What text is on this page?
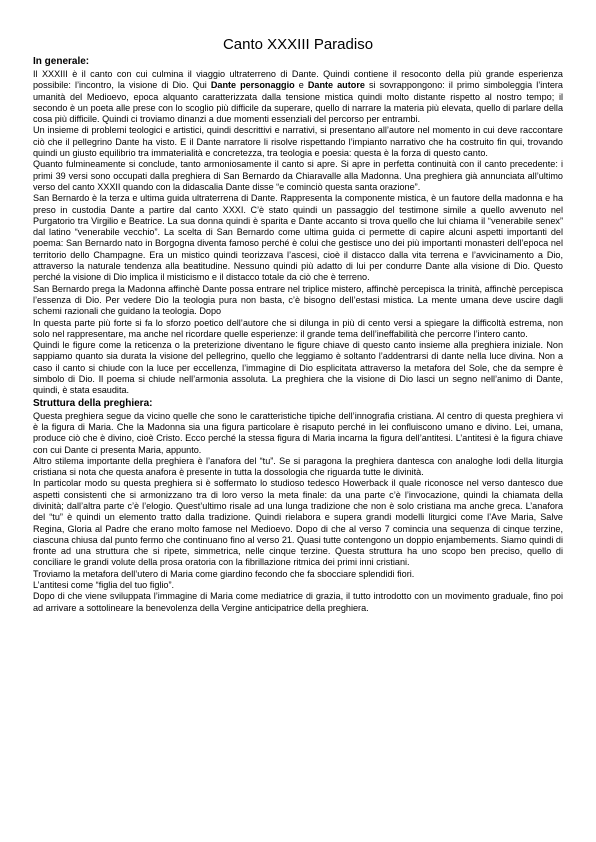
Canto XXXIII Paradiso

In generale:

Il XXXIII è il canto con cui culmina il viaggio ultraterreno di Dante. Quindi contiene il resoconto della più grande esperienza possibile: l’incontro, la visione di Dio. Qui Dante personaggio e Dante autore si sovrappongono: il primo simboleggia l’intera umanità del Medioevo, epoca alquanto caratterizzata dalla tensione mistica quindi molto distante rispetto al nostro tempo; il secondo è un poeta alle prese con lo scoglio più difficile da superare, quello di narrare la materia più elevata, quello di parlare della cosa più difficile. Quindi ci troviamo dinanzi a due momenti essenziali del percorso per entrambi.

Un insieme di problemi teologici e artistici, quindi descrittivi e narrativi, si presentano all’autore nel momento in cui deve raccontare ciò che il pellegrino Dante ha visto. E il Dante narratore li risolve rispettando l’impianto narrativo che ha costruito fin qui, trovando quindi un giusto equilibrio tra immaterialità e concretezza, tra teologia e poesia: questa è la forza di questo canto.

Quanto fulmineamente si conclude, tanto armoniosamente il canto si apre. Si apre in perfetta continuità con il canto precedente: i primi 39 versi sono occupati dalla preghiera di San Bernardo da Chiaravalle alla Madonna. Una preghiera già annunciata all’ultimo verso del canto XXXII quando con la didascalia Dante disse “e cominciò questa santa orazione”.

San Bernardo è la terza e ultima guida ultraterrena di Dante. Rappresenta la componente mistica, è un fautore della madonna e ha preso in custodia Dante a partire dal canto XXXI. C’è stato quindi un passaggio del testimone simile a quello avvenuto nel Purgatorio tra Virgilio e Beatrice. La sua donna quindi è sparita e Dante accanto si trova quello che lui chiama il “venerabile senex” dal latino “venerabile vecchio”. La scelta di San Bernardo come ultima guida ci permette di capire alcuni aspetti importanti del poema: San Bernardo nato in Borgogna diventa famoso perché è colui che gestisce uno dei più importanti monasteri dell’epoca nel territorio dello Champagne. Era un mistico quindi teorizzava l’ascesi, cioè il distacco dalla vita terrena e l’avvicinamento a Dio, attraverso la naturale tendenza alla beatitudine. Nessuno quindi più adatto di lui per condurre Dante alla visione di Dio. Questo perché la visione di Dio implica il misticismo e il distacco totale da ciò che è terreno.

San Bernardo prega la Madonna affinchè Dante possa entrare nel triplice mistero, affinchè percepisca la trinità, affinchè percepisca l’essenza di Dio. Per vedere Dio la teologia pura non basta, c’è bisogno dell’estasi mistica. La mente umana deve uscire dagli schemi razionali che guidano la teologia. Dopo

In questa parte più forte si fa lo sforzo poetico dell’autore che si dilunga in più di cento versi a spiegare la difficoltà estrema, non solo nel rappresentare, ma anche nel ricordare quelle esperienze: il grande tema dell’ineffabilità che percorre l’intero canto.

Quindi le figure come la reticenza o la preterizione diventano le figure chiave di questo canto insieme alla preghiera iniziale. Non sappiamo quanto sia durata la visione del pellegrino, quello che leggiamo è soltanto l’addentrarsi di dante nella luce divina. Non a caso il canto si chiude con la luce per eccellenza, l’immagine di Dio esplicitata attraverso la metafora del Sole, che da sempre è simbolo di Dio. Il poema si chiude nell’armonia assoluta. La preghiera che la visione di Dio lasci un segno nell’animo di Dante, quindi, è stata esaudita.

Struttura della preghiera:

Questa preghiera segue da vicino quelle che sono le caratteristiche tipiche dell’innografia cristiana. Al centro di questa preghiera vi è la figura di Maria. Che la Madonna sia una figura particolare è risaputo perché in lei confluiscono umano e divino. Lei, umana, produce ciò che è divino, cioè Cristo. Ecco perché la stessa figura di Maria incarna la figura dell’antitesi. L’antitesi è la figura chiave con cui Dante ci presenta Maria, appunto.

Altro stilema importante della preghiera è l’anafora del “tu”. Se si paragona la preghiera dantesca con analoghe lodi della liturgia cristiana si nota che questa anafora è presente in tutta la dossologia che riguarda tutte le divinità.

In particolar modo su questa preghiera si è soffermato lo studioso tedesco Howerback il quale riconosce nel verso dantesco due aspetti consistenti che si armonizzano tra di loro verso la meta finale: da una parte c’è l’invocazione, quindi la chiamata della divinità; dall’altra parte c’è l’elogio. Quest’ultimo risale ad una lunga tradizione che non è solo cristiana ma anche greca. L’anafora del “tu” è quindi un elemento tratto dalla tradizione. Quindi rielabora e supera grandi modelli liturgici come l’Ave Maria, Salve Regina, Gloria al Padre che erano molto famose nel Medioevo. Dopo di che al verso 7 comincia una sequenza di cinque terzine, ciascuna chiusa dal punto fermo che continuano fino al verso 21. Quasi tutte contengono un doppio enjambements. Siamo quindi di fronte ad una struttura che si ripete, simmetrica, nelle cinque terzine. Questa struttura ha uno scopo ben preciso, quello di conciliare le grandi volute della prosa oratoria con la fibrillazione ritmica dei primi inni cristiani.

Troviamo la metafora dell’utero di Maria come giardino fecondo che fa sbocciare splendidi fiori.

L’antitesi come “figlia del tuo figlio”.

Dopo di che viene sviluppata l’immagine di Maria come mediatrice di grazia, il tutto introdotto con un movimento graduale, fino poi ad arrivare a sottolineare la benevolenza della Vergine anticipatrice della preghiera.
